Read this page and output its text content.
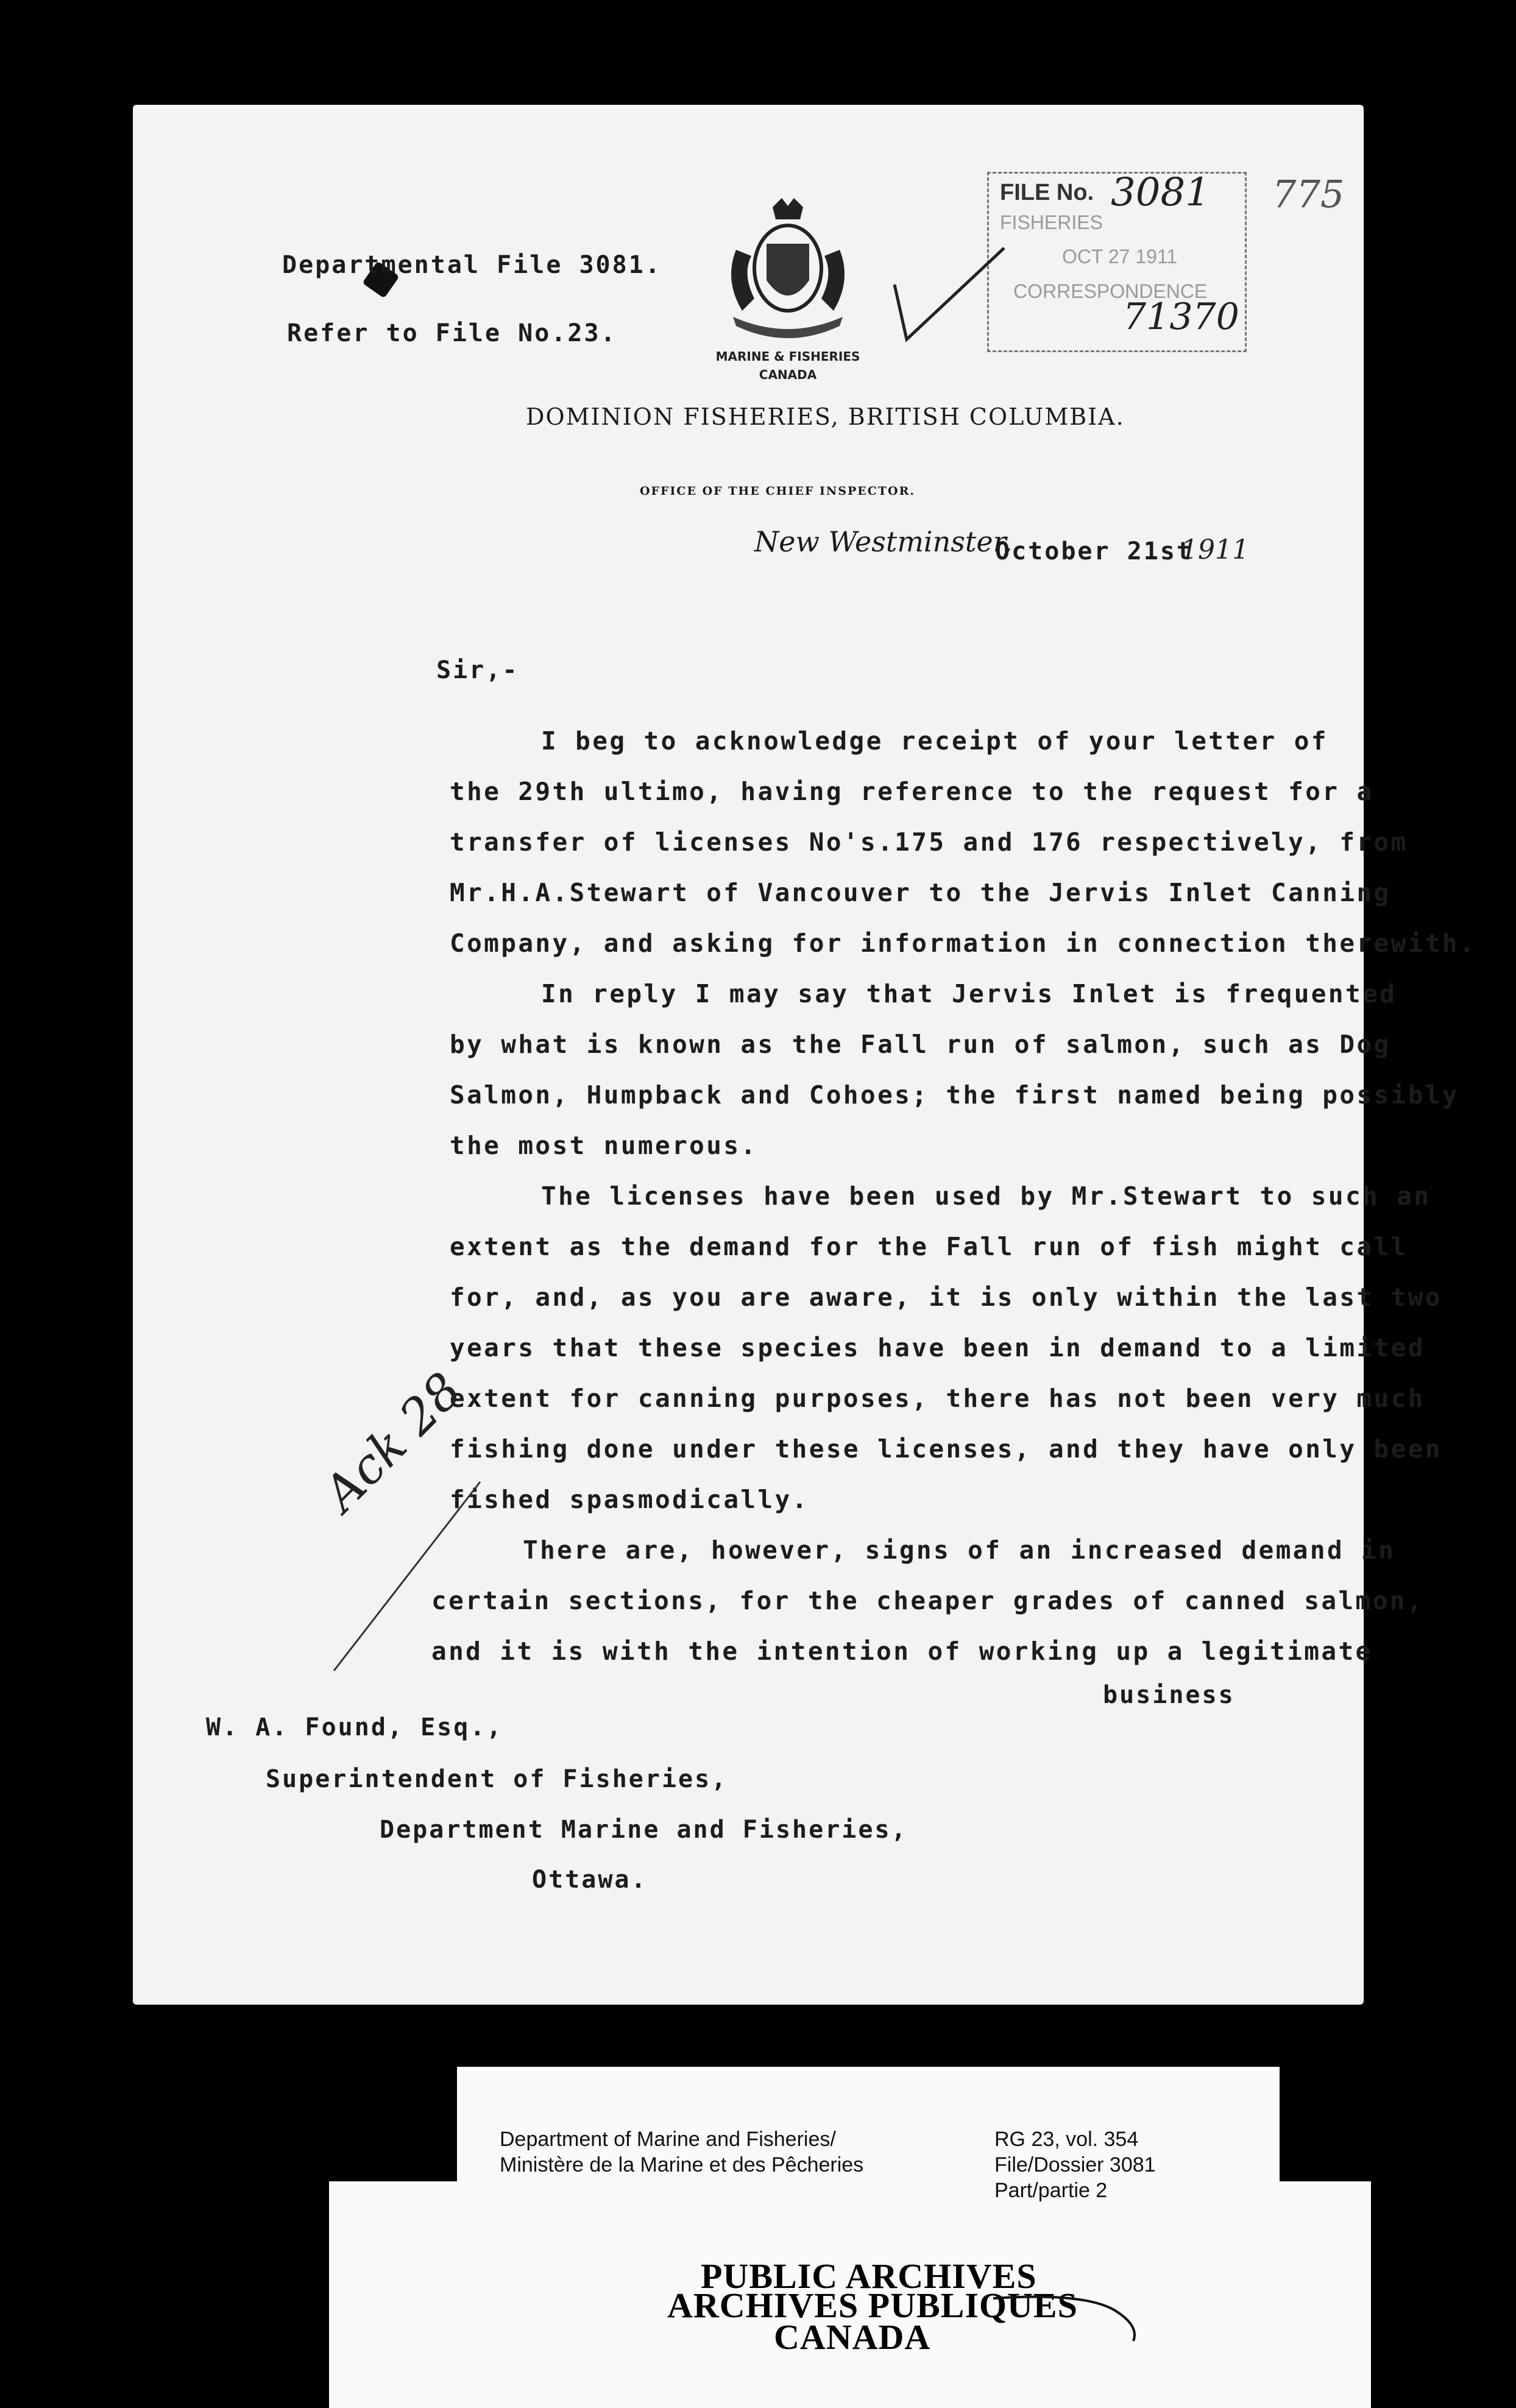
Departmental File 3081.
Refer to File No.23.
MARINE & FISHERIES
CANADA
FILE No. 3081
FISHERIES
OCT 27 1911
CORRESPONDENCE
71370
775
DOMINION FISHERIES, BRITISH COLUMBIA.
OFFICE OF THE CHIEF INSPECTOR.
New Westminster,
October 21st
1911
Sir,-
I beg to acknowledge receipt of your letter of
the 29th ultimo, having reference to the request for a
transfer of licenses No's.175 and 176 respectively, from
Mr.H.A.Stewart of Vancouver to the Jervis Inlet Canning
Company, and asking for information in connection therewith.
In reply I may say that Jervis Inlet is frequented
by what is known as the Fall run of salmon, such as Dog
Salmon, Humpback and Cohoes; the first named being possibly
the most numerous.
The licenses have been used by Mr.Stewart to such an
extent as the demand for the Fall run of fish might call
for, and, as you are aware, it is only within the last two
years that these species have been in demand to a limited
extent for canning purposes, there has not been very much
fishing done under these licenses, and they have only been
fished spasmodically.
There are, however, signs of an increased demand in
certain sections, for the cheaper grades of canned salmon,
and it is with the intention of working up a legitimate
Ack 28
business
W. A. Found, Esq.,
Superintendent of Fisheries,
Department Marine and Fisheries,
Ottawa.
Department of Marine and Fisheries/
Ministère de la Marine et des Pêcheries
RG 23, vol. 354
File/Dossier 3081
Part/partie 2
PUBLIC ARCHIVES
ARCHIVES PUBLIQUES
CANADA
